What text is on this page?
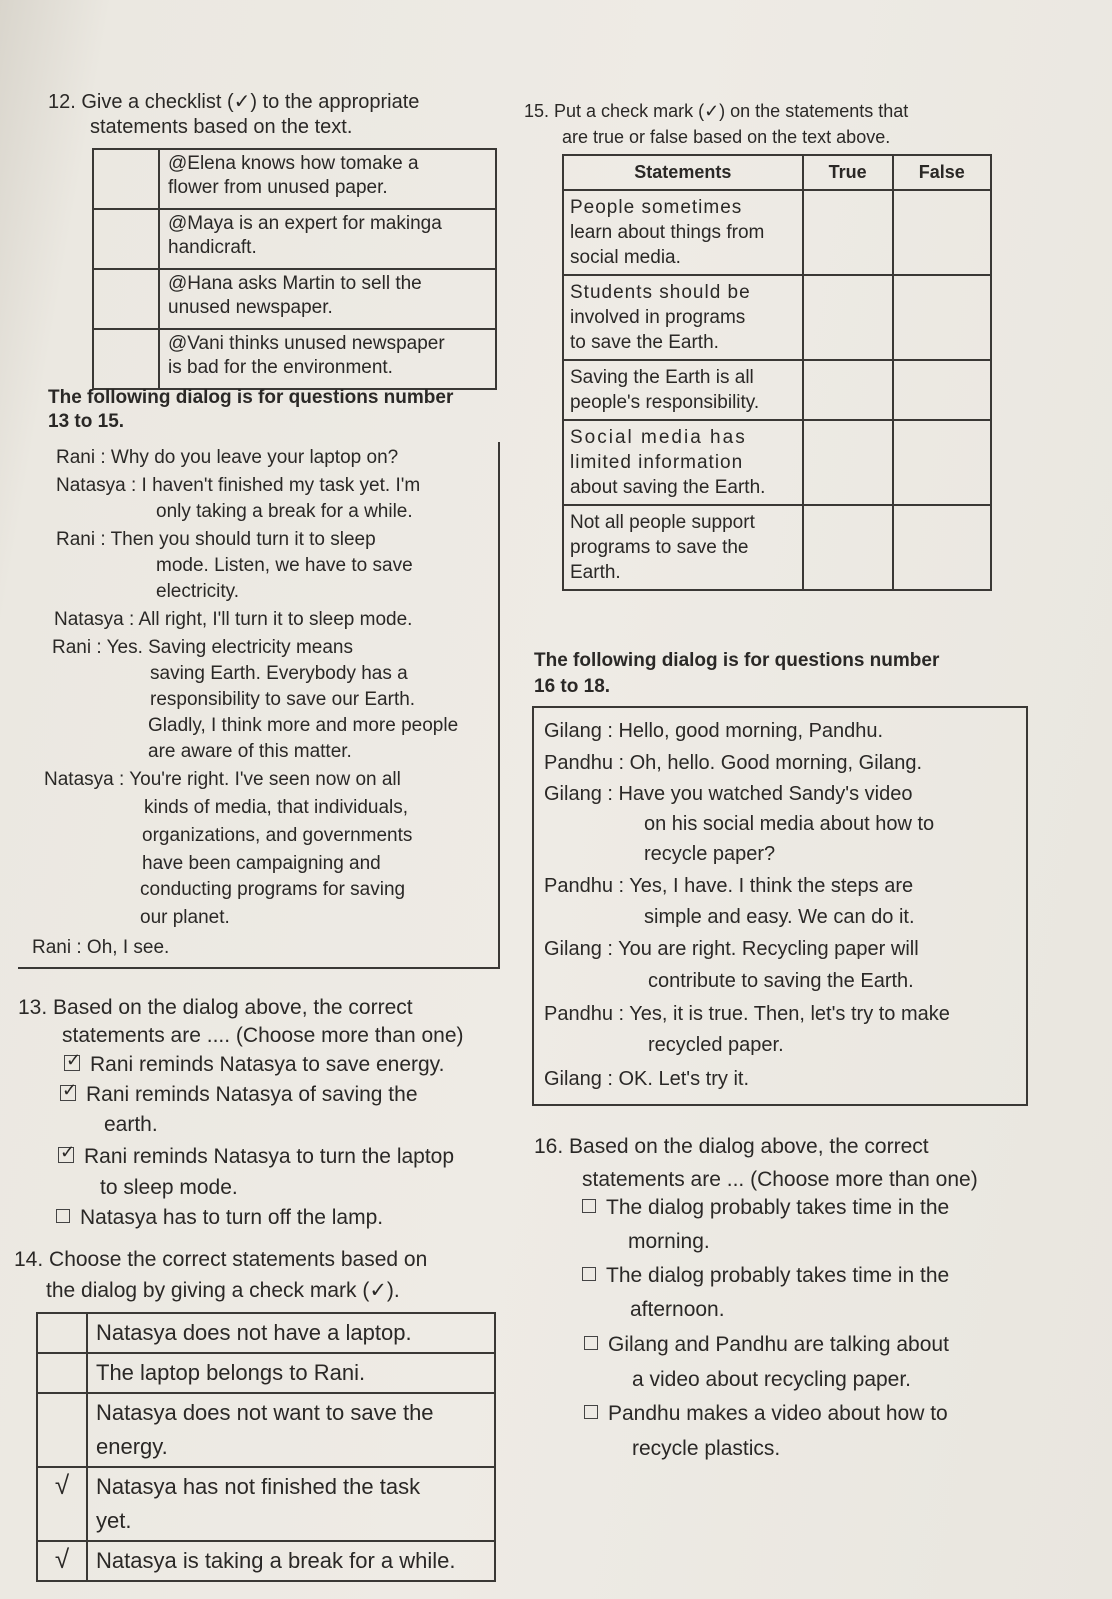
12. Give a checklist (✓) to the appropriate
statements based on the text.

	@Elena knows how tomake a
flower from unused paper.

	@Maya is an expert for makinga
handicraft.

	@Hana asks Martin to sell the
unused newspaper.

	@Vani thinks unused newspaper
is bad for the environment.
The following dialog is for questions number
13 to 15.
Rani : Why do you leave your laptop on?
Natasya : I haven't finished my task yet. I'm
only taking a break for a while.
Rani : Then you should turn it to sleep
mode. Listen, we have to save
electricity.
Natasya : All right, I'll turn it to sleep mode.
Rani : Yes. Saving electricity means
saving Earth. Everybody has a
responsibility to save our Earth.
Gladly, I think more and more people
are aware of this matter.
Natasya : You're right. I've seen now on all
kinds of media, that individuals,
organizations, and governments
have been campaigning and
conducting programs for saving
our planet.
Rani : Oh, I see.
13. Based on the dialog above, the correct
statements are .... (Choose more than one)
✓Rani reminds Natasya to save energy.
✓Rani reminds Natasya of saving the
earth.
✓Rani reminds Natasya to turn the laptop
to sleep mode.
Natasya has to turn off the lamp.
14. Choose the correct statements based on
the dialog by giving a check mark (✓).

	Natasya does not have a laptop.

	The laptop belongs to Rani.

	Natasya does not want to save the
energy.

√	Natasya has not finished the task
yet.

√	Natasya is taking a break for a while.
15. Put a check mark (✓) on the statements that
are true or false based on the text above.
Statements	True	False

People sometimes
learn about things from
social media.		

Students should be
involved in programs
to save the Earth.		

Saving the Earth is all
people's responsibility.		

Social media has
limited information
about saving the Earth.		

Not all people support
programs to save the
Earth.		

The following dialog is for questions number
16 to 18.
Gilang : Hello, good morning, Pandhu.
Pandhu : Oh, hello. Good morning, Gilang.
Gilang : Have you watched Sandy's video
on his social media about how to
recycle paper?
Pandhu : Yes, I have. I think the steps are
simple and easy. We can do it.
Gilang : You are right. Recycling paper will
contribute to saving the Earth.
Pandhu : Yes, it is true. Then, let's try to make
recycled paper.
Gilang : OK. Let's try it.
16. Based on the dialog above, the correct
statements are ... (Choose more than one)
The dialog probably takes time in the
morning.
The dialog probably takes time in the
afternoon.
Gilang and Pandhu are talking about
a video about recycling paper.
Pandhu makes a video about how to
recycle plastics.
